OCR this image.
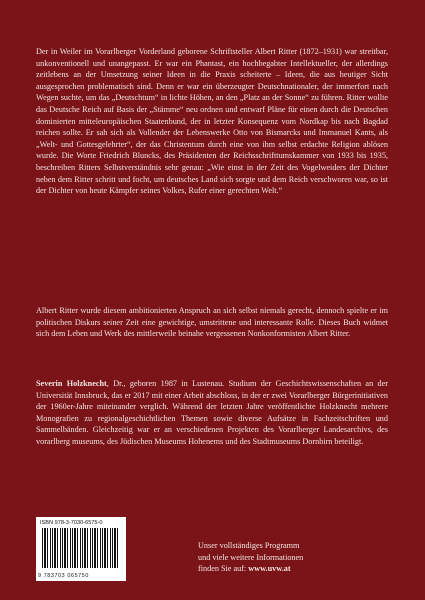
Der in Weiler im Vorarlberger Vorderland geborene Schriftsteller Albert Ritter (1872–1931) war streitbar, unkonventionell und unangepasst. Er war ein Phantast, ein hochbegabter Intellektueller, der allerdings zeitlebens an der Umsetzung seiner Ideen in die Praxis scheiterte – Ideen, die aus heutiger Sicht ausgesprochen problematisch sind. Denn er war ein überzeugter Deutschnationaler, der immerfort nach Wegen suchte, um das „Deutschtum“ in lichte Höhen, an den „Platz an der Sonne“ zu führen. Ritter wollte das Deutsche Reich auf Basis der „Stämme“ neu ordnen und entwarf Pläne für einen durch die Deutschen dominierten mitteleuropäischen Staatenbund, der in letzter Konsequenz vom Nordkap bis nach Bagdad reichen sollte. Er sah sich als Vollender der Lebenswerke Otto von Bismarcks und Immanuel Kants, als „Welt- und Gottesgelehrter“, der das Christentum durch eine von ihm selbst erdachte Religion ablösen wurde. Die Worte Friedrich Bluncks, des Präsidenten der Reichsschrifttumskammer von 1933 bis 1935, beschreiben Ritters Selbstverständnis sehr genau: „Wie einst in der Zeit des Vogelweiders der Dichter neben dem Ritter schritt und focht, um deutsches Land sich sorgte und dem Reich verschworen war, so ist der Dichter von heute Kämpfer seines Volkes, Rufer einer gerechten Welt.“

Albert Ritter wurde diesem ambitionierten Anspruch an sich selbst niemals gerecht, dennoch spielte er im politischen Diskurs seiner Zeit eine gewichtige, umstrittene und interessante Rolle. Dieses Buch widmet sich dem Leben und Werk des mittlerweile beinahe vergessenen Nonkonformisten Albert Ritter.

Severin Holzknecht, Dr., geboren 1987 in Lustenau. Studium der Geschichtswissenschaften an der Universität Innsbruck, das er 2017 mit einer Arbeit abschloss, in der er zwei Vorarlberger Bürgerinitiativen der 1960er-Jahre miteinander verglich. Während der letzten Jahre veröffentlichte Holzknecht mehrere Monografien zu regionalgeschichtlichen Themen sowie diverse Aufsätze in Fachzeitschriften und Sammelbänden. Gleichzeitig war er an verschiedenen Projekten des Vorarlberger Landesarchivs, des vorarlberg museums, des Jüdischen Museums Hohenems und des Stadtmuseums Dornbirn beteiligt.

ISBN 978-3-7030-6575-0
9 783703 065750
Unser vollständiges Programm
und viele weitere Informationen
finden Sie auf: www.uvw.at
